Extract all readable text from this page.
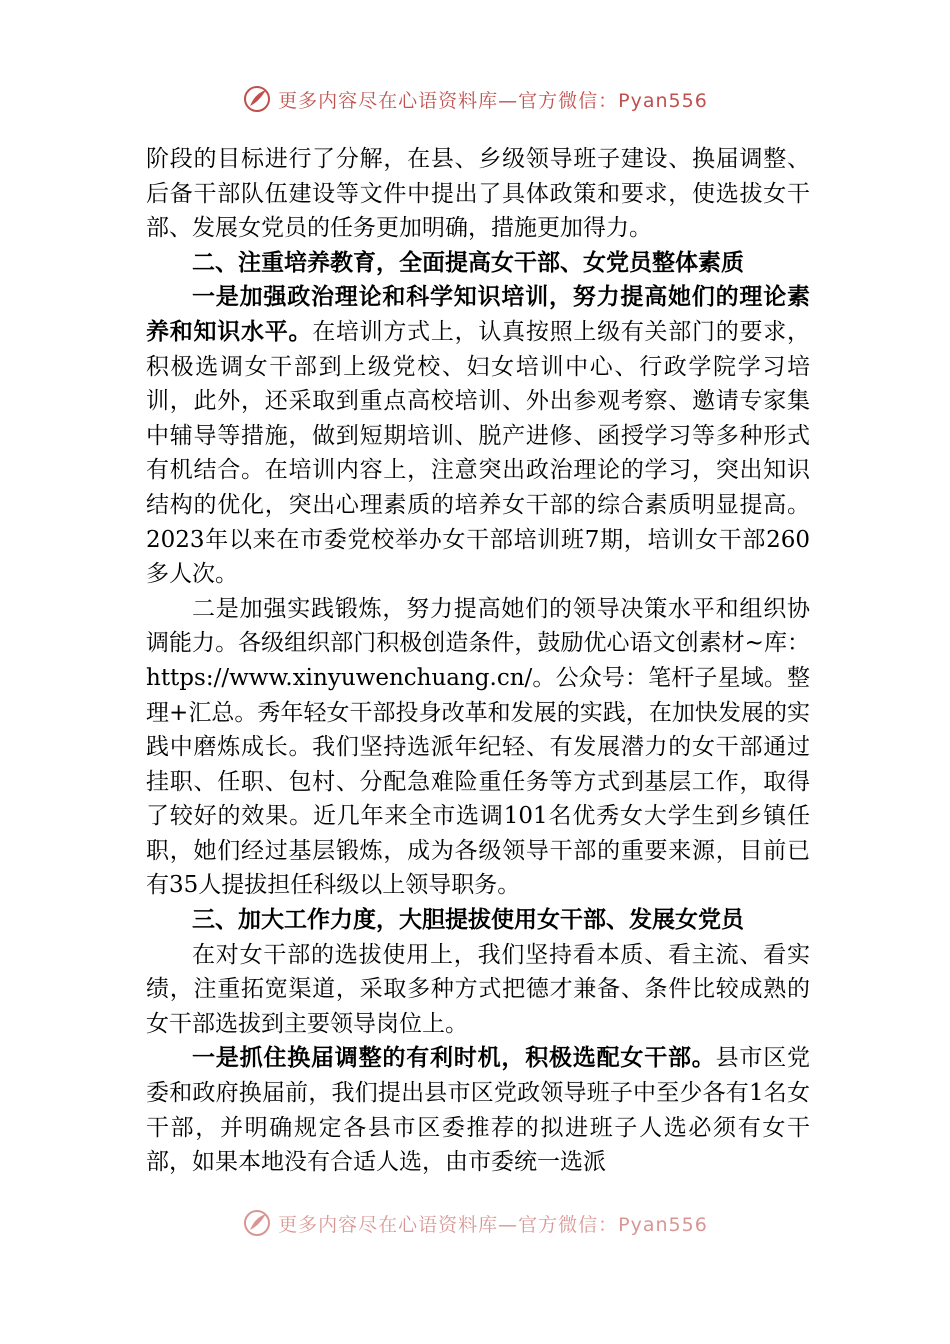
更多内容尽在心语资料库—官方微信：Pyan556

阶段的目标进行了分解，在县、乡级领导班子建设、换届调整、后备干部队伍建设等文件中提出了具体政策和要求，使选拔女干部、发展女党员的任务更加明确，措施更加得力。

二、注重培养教育，全面提高女干部、女党员整体素质

一是加强政治理论和科学知识培训，努力提高她们的理论素养和知识水平。在培训方式上，认真按照上级有关部门的要求，积极选调女干部到上级党校、妇女培训中心、行政学院学习培训，此外，还采取到重点高校培训、外出参观考察、邀请专家集中辅导等措施，做到短期培训、脱产进修、函授学习等多种形式有机结合。在培训内容上，注意突出政治理论的学习，突出知识结构的优化，突出心理素质的培养女干部的综合素质明显提高。2023年以来在市委党校举办女干部培训班7期，培训女干部260多人次。

二是加强实践锻炼，努力提高她们的领导决策水平和组织协调能力。各级组织部门积极创造条件，鼓励优心语文创素材~库：https://www.xinyuwenchuang.cn/。公众号：笔杆子星域。整理+汇总。秀年轻女干部投身改革和发展的实践，在加快发展的实践中磨炼成长。我们坚持选派年纪轻、有发展潜力的女干部通过挂职、任职、包村、分配急难险重任务等方式到基层工作，取得了较好的效果。近几年来全市选调101名优秀女大学生到乡镇任职，她们经过基层锻炼，成为各级领导干部的重要来源，目前已有35人提拔担任科级以上领导职务。

三、加大工作力度，大胆提拔使用女干部、发展女党员

在对女干部的选拔使用上，我们坚持看本质、看主流、看实绩，注重拓宽渠道，采取多种方式把德才兼备、条件比较成熟的女干部选拔到主要领导岗位上。

一是抓住换届调整的有利时机，积极选配女干部。县市区党委和政府换届前，我们提出县市区党政领导班子中至少各有1名女干部，并明确规定各县市区委推荐的拟进班子人选必须有女干部，如果本地没有合适人选，由市委统一选派

更多内容尽在心语资料库—官方微信：Pyan556
